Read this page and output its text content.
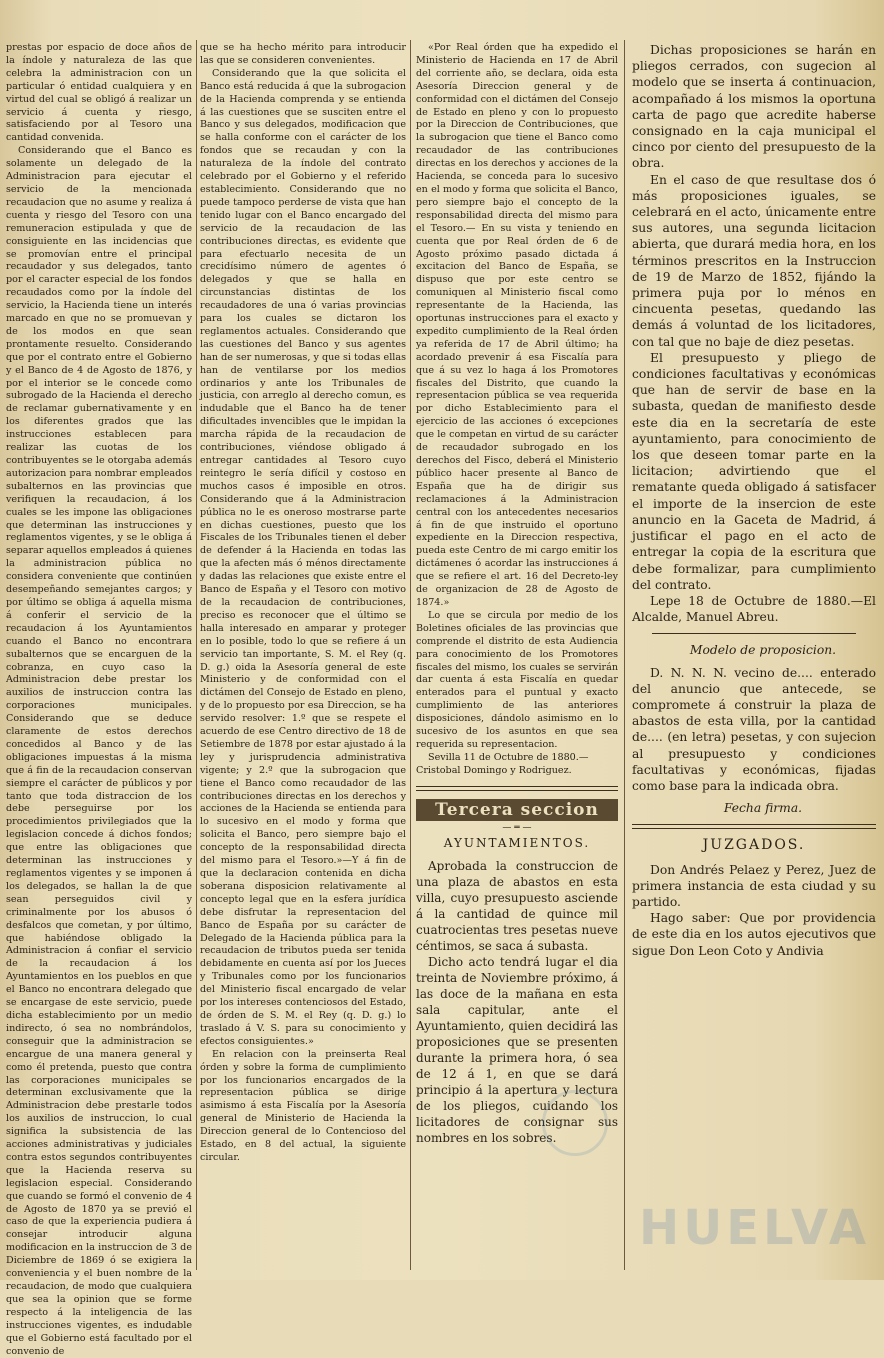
prestas por espacio de doce años de la índole y naturaleza de las que celebra la administracion con un particular ó entidad cualquiera y en virtud del cual se obligó á realizar un servicio á cuenta y riesgo, satisfaciendo por al Tesoro una cantidad convenida.

Considerando que el Banco es solamente un delegado de la Administracion para ejecutar el servicio de la mencionada recaudacion que no asume y realiza á cuenta y riesgo del Tesoro con una remuneracion estipulada y que de consiguiente en las incidencias que se promovían entre el principal recaudador y sus delegados, tanto por el caracter especial de los fondos recaudados como por la índole del servicio, la Hacienda tiene un interés marcado en que no se promuevan y de los modos en que sean prontamente resuelto. Considerando que por el contrato entre el Gobierno y el Banco de 4 de Agosto de 1876, y por el interior se le concede como subrogado de la Hacienda el derecho de reclamar gubernativamente y en los diferentes grados que las instrucciones establecen para realizar las cuotas de los contribuyentes se le otorgaba además autorizacion para nombrar empleados subalternos en las provincias que verifiquen la recaudacion, á los cuales se les impone las obligaciones que determinan las instrucciones y reglamentos vigentes, y se le obliga á separar aquellos empleados á quienes la administracion pública no considera conveniente que continúen desempeñando semejantes cargos; y por último se obliga á aquella misma á conferir el servicio de la recaudacion á los Ayuntamientos cuando el Banco no encontrara subalternos que se encarguen de la cobranza, en cuyo caso la Administracion debe prestar los auxilios de instruccion contra las corporaciones municipales. Considerando que se deduce claramente de estos derechos concedidos al Banco y de las obligaciones impuestas á la misma que á fin de la recaudacion conservan siempre el carácter de públicos y por tanto que toda distraccion de los debe perseguirse por los procedimientos privilegiados que la legislacion concede á dichos fondos; que entre las obligaciones que determinan las instrucciones y reglamentos vigentes y se imponen á los delegados, se hallan la de que sean perseguidos civil y criminalmente por los abusos ó desfalcos que cometan, y por último, que habiéndose obligado la Administracion á confiar el servicio de la recaudacion á los Ayuntamientos en los pueblos en que el Banco no encontrara delegado que se encargase de este servicio, puede dicha establecimiento por un medio indirecto, ó sea no nombrándolos, conseguir que la administracion se encargue de una manera general y como él pretenda, puesto que contra las corporaciones municipales se determinan exclusivamente que la Administracion debe prestarle todos los auxilios de instruccion, lo cual significa la subsistencia de las acciones administrativas y judiciales contra estos segundos contribuyentes que la Hacienda reserva su legislacion especial. Considerando que cuando se formó el convenio de 4 de Agosto de 1870 ya se previó el caso de que la experiencia pudiera á consejar introducir alguna modificacion en la instruccion de 3 de Diciembre de 1869 ó se exigiera la conveniencia y el buen nombre de la recaudacion, de modo que cualquiera que sea la opinion que se forme respecto á la inteligencia de las instrucciones vigentes, es indudable que el Gobierno está facultado por el convenio de

que se ha hecho mérito para introducir las que se consideren convenientes.

Considerando que la que solicita el Banco está reducida á que la subrogacion de la Hacienda comprenda y se entienda á las cuestiones que se susciten entre el Banco y sus delegados, modificacion que se halla conforme con el carácter de los fondos que se recaudan y con la naturaleza de la índole del contrato celebrado por el Gobierno y el referido establecimiento. Considerando que no puede tampoco perderse de vista que han tenido lugar con el Banco encargado del servicio de la recaudacion de las contribuciones directas, es evidente que para efectuarlo necesita de un crecidísimo número de agentes ó delegados y que se halla en circunstancias distintas de los recaudadores de una ó varias provincias para los cuales se dictaron los reglamentos actuales. Considerando que las cuestiones del Banco y sus agentes han de ser numerosas, y que si todas ellas han de ventilarse por los medios ordinarios y ante los Tribunales de justicia, con arreglo al derecho comun, es indudable que el Banco ha de tener dificultades invencibles que le impidan la marcha rápida de la recaudacion de contribuciones, viéndose obligado á entregar cantidades al Tesoro cuyo reintegro le sería difícil y costoso en muchos casos é imposible en otros. Considerando que á la Administracion pública no le es oneroso mostrarse parte en dichas cuestiones, puesto que los Fiscales de los Tribunales tienen el deber de defender á la Hacienda en todas las que la afecten más ó ménos directamente y dadas las relaciones que existe entre el Banco de España y el Tesoro con motivo de la recaudacion de contribuciones, preciso es reconocer que el último se halla interesado en amparar y proteger en lo posible, todo lo que se refiere á un servicio tan importante, S. M. el Rey (q. D. g.) oida la Asesoría general de este Ministerio y de conformidad con el dictámen del Consejo de Estado en pleno, y de lo propuesto por esa Direccion, se ha servido resolver: 1.º que se respete el acuerdo de ese Centro directivo de 18 de Setiembre de 1878 por estar ajustado á la ley y jurisprudencia administrativa vigente; y 2.º que la subrogacion que tiene el Banco como recaudador de las contribuciones directas en los derechos y acciones de la Hacienda se entienda para lo sucesivo en el modo y forma que solicita el Banco, pero siempre bajo el concepto de la responsabilidad directa del mismo para el Tesoro.»—Y á fin de que la declaracion contenida en dicha soberana disposicion relativamente al concepto legal que en la esfera jurídica debe disfrutar la representacion del Banco de España por su carácter de Delegado de la Hacienda pública para la recaudacion de tributos pueda ser tenida debidamente en cuenta así por los Jueces y Tribunales como por los funcionarios del Ministerio fiscal encargado de velar por los intereses contenciosos del Estado, de órden de S. M. el Rey (q. D. g.) lo traslado á V. S. para su conocimiento y efectos consiguientes.»

En relacion con la preinserta Real órden y sobre la forma de cumplimiento por los funcionarios encargados de la representacion pública se dirige asimismo á esta Fiscalía por la Asesoría general de Ministerio de Hacienda la Direccion general de lo Contencioso del Estado, en 8 del actual, la siguiente circular.

«Por Real órden que ha expedido el Ministerio de Hacienda en 17 de Abril del corriente año, se declara, oida esta Asesoría Direccion general y de conformidad con el dictámen del Consejo de Estado en pleno y con lo propuesto por la Direccion de Contribuciones, que la subrogacion que tiene el Banco como recaudador de las contribuciones directas en los derechos y acciones de la Hacienda, se conceda para lo sucesivo en el modo y forma que solicita el Banco, pero siempre bajo el concepto de la responsabilidad directa del mismo para el Tesoro.— En su vista y teniendo en cuenta que por Real órden de 6 de Agosto próximo pasado dictada á excitacion del Banco de España, se dispuso que por este centro se comuniquen al Ministerio fiscal como representante de la Hacienda, las oportunas instrucciones para el exacto y expedito cumplimiento de la Real órden ya referida de 17 de Abril último; ha acordado prevenir á esa Fiscalía para que á su vez lo haga á los Promotores fiscales del Distrito, que cuando la representacion pública se vea requerida por dicho Establecimiento para el ejercicio de las acciones ó excepciones que le competan en virtud de su carácter de recaudador subrogado en los derechos del Fisco, deberá el Ministerio público hacer presente al Banco de España que ha de dirigir sus reclamaciones á la Administracion central con los antecedentes necesarios á fin de que instruido el oportuno expediente en la Direccion respectiva, pueda este Centro de mi cargo emitir los dictámenes ó acordar las instrucciones á que se refiere el art. 16 del Decreto-ley de organizacion de 28 de Agosto de 1874.»

Lo que se circula por medio de los Boletines oficiales de las provincias que comprende el distrito de esta Audiencia para conocimiento de los Promotores fiscales del mismo, los cuales se servirán dar cuenta á esta Fiscalía en quedar enterados para el puntual y exacto cumplimiento de las anteriores disposiciones, dándolo asimismo en lo sucesivo de los asuntos en que sea requerida su representacion.

Sevilla 11 de Octubre de 1880.— Cristobal Domingo y Rodriguez.

Tercera seccion
— ═ —
AYUNTAMIENTOS.

Aprobada la construccion de una plaza de abastos en esta villa, cuyo presupuesto asciende á la cantidad de quince mil cuatrocientas tres pesetas nueve céntimos, se saca á subasta.

Dicho acto tendrá lugar el dia treinta de Noviembre próximo, á las doce de la mañana en esta sala capitular, ante el Ayuntamiento, quien decidirá las proposiciones que se presenten durante la primera hora, ó sea de 12 á 1, en que se dará principio á la apertura y lectura de los pliegos, cuidando los licitadores de consignar sus nombres en los sobres.

Dichas proposiciones se harán en pliegos cerrados, con sugecion al modelo que se inserta á continuacion, acompañado á los mismos la oportuna carta de pago que acredite haberse consignado en la caja municipal el cinco por ciento del presupuesto de la obra.

En el caso de que resultase dos ó más proposiciones iguales, se celebrará en el acto, únicamente entre sus autores, una segunda licitacion abierta, que durará media hora, en los términos prescritos en la Instruccion de 19 de Marzo de 1852, fijándo la primera puja por lo ménos en cincuenta pesetas, quedando las demás á voluntad de los licitadores, con tal que no baje de diez pesetas.

El presupuesto y pliego de condiciones facultativas y económicas que han de servir de base en la subasta, quedan de manifiesto desde este dia en la secretaría de este ayuntamiento, para conocimiento de los que deseen tomar parte en la licitacion; advirtiendo que el rematante queda obligado á satisfacer el importe de la insercion de este anuncio en la Gaceta de Madrid, á justificar el pago en el acto de entregar la copia de la escritura que debe formalizar, para cumplimiento del contrato.

Lepe 18 de Octubre de 1880.—El Alcalde, Manuel Abreu.

Modelo de proposicion.

D. N. N. N. vecino de.... enterado del anuncio que antecede, se compromete á construir la plaza de abastos de esta villa, por la cantidad de.... (en letra) pesetas, y con sujecion al presupuesto y condiciones facultativas y económicas, fijadas como base para la indicada obra.

Fecha firma.

JUZGADOS.

Don Andrés Pelaez y Perez, Juez de primera instancia de esta ciudad y su partido.

Hago saber: Que por providencia de este dia en los autos ejecutivos que sigue Don Leon Coto y Andivia

HUELVA
